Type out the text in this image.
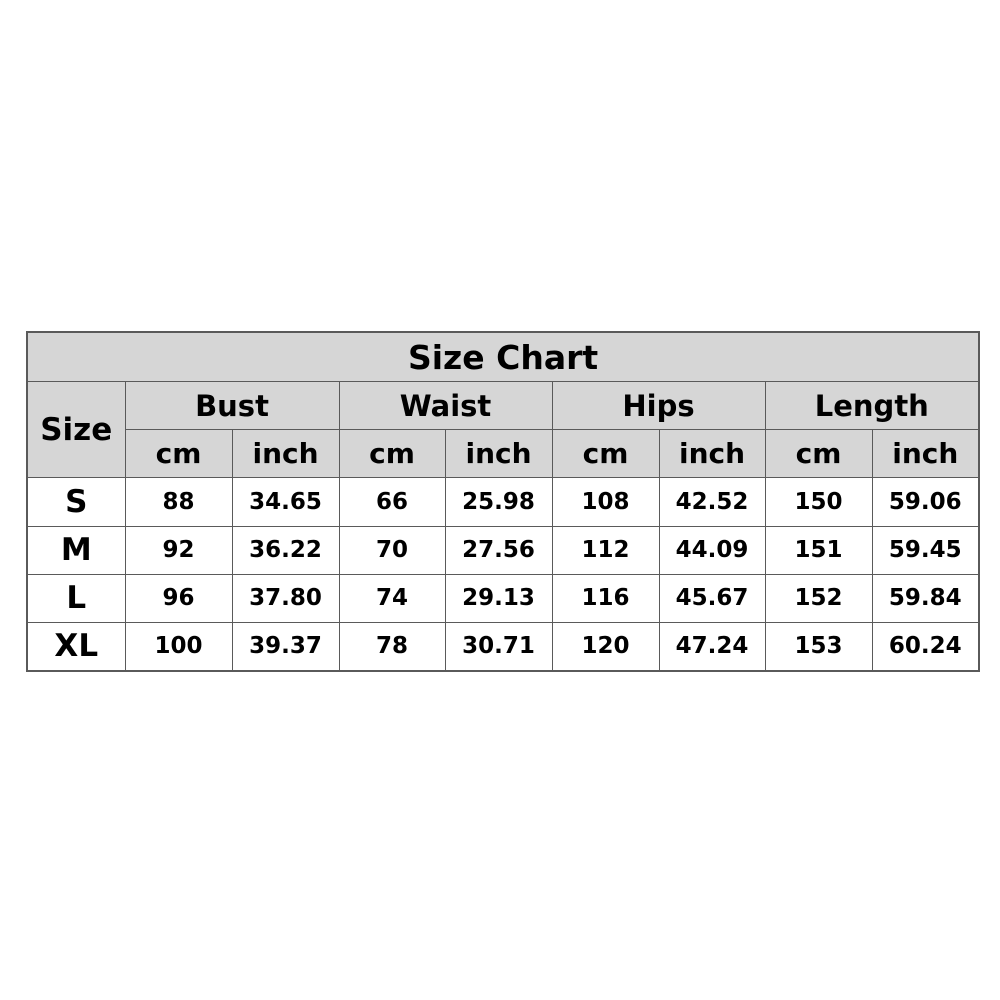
Size Chart								
Size	Bust		Waist		Hips		Length	
	cm	inch	cm	inch	cm	inch	cm	inch
S	88	34.65	66	25.98	108	42.52	150	59.06
M	92	36.22	70	27.56	112	44.09	151	59.45
L	96	37.80	74	29.13	116	45.67	152	59.84
XL	100	39.37	78	30.71	120	47.24	153	60.24
